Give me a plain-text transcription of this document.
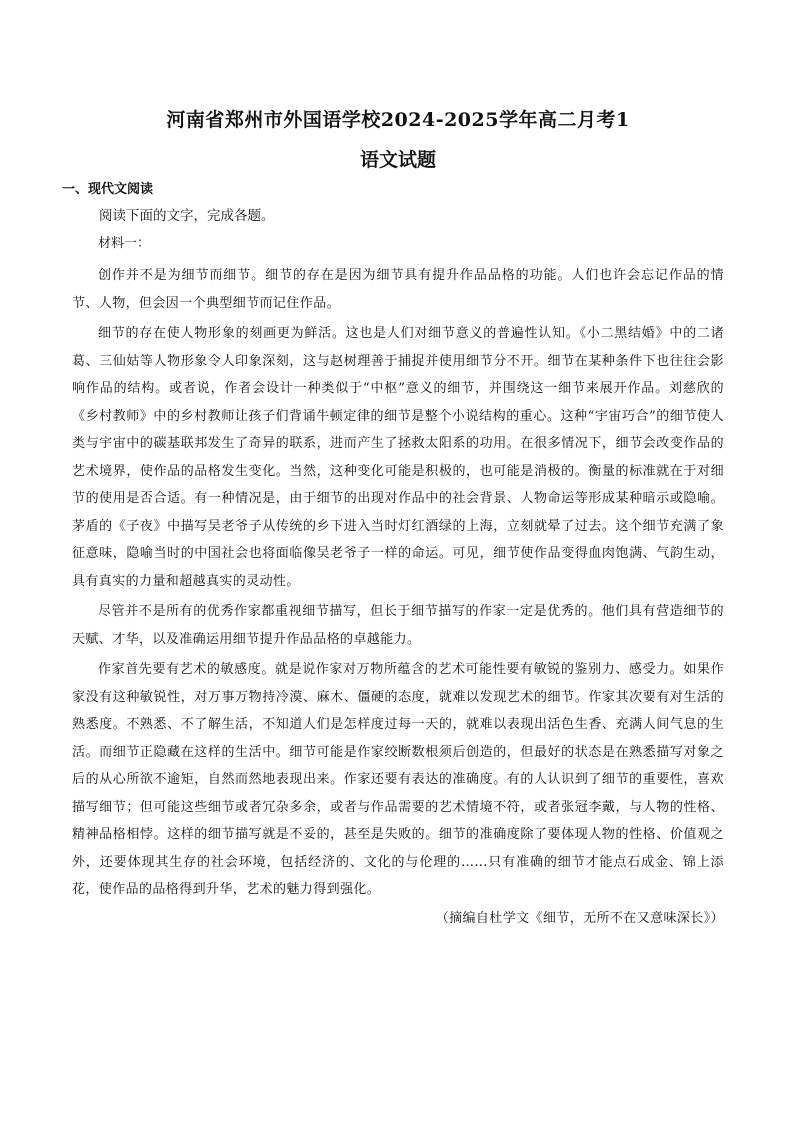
河南省郑州市外国语学校2024-2025学年高二月考1
语文试题
一、现代文阅读

阅读下面的文字，完成各题。

材料一：

创作并不是为细节而细节。细节的存在是因为细节具有提升作品品格的功能。人们也许会忘记作品的情节、人物，但会因一个典型细节而记住作品。

细节的存在使人物形象的刻画更为鲜活。这也是人们对细节意义的普遍性认知。《小二黑结婚》中的二诸葛、三仙姑等人物形象令人印象深刻，这与赵树理善于捕捉并使用细节分不开。细节在某种条件下也往往会影响作品的结构。或者说，作者会设计一种类似于“中枢”意义的细节，并围绕这一细节来展开作品。刘慈欣的《乡村教师》中的乡村教师让孩子们背诵牛顿定律的细节是整个小说结构的重心。这种“宇宙巧合”的细节使人类与宇宙中的碳基联邦发生了奇异的联系，进而产生了拯救太阳系的功用。在很多情况下，细节会改变作品的艺术境界，使作品的品格发生变化。当然，这种变化可能是积极的，也可能是消极的。衡量的标准就在于对细节的使用是否合适。有一种情况是，由于细节的出现对作品中的社会背景、人物命运等形成某种暗示或隐喻。茅盾的《子夜》中描写吴老爷子从传统的乡下进入当时灯红酒绿的上海，立刻就晕了过去。这个细节充满了象征意味，隐喻当时的中国社会也将面临像吴老爷子一样的命运。可见，细节使作品变得血肉饱满、气韵生动，具有真实的力量和超越真实的灵动性。

尽管并不是所有的优秀作家都重视细节描写，但长于细节描写的作家一定是优秀的。他们具有营造细节的天赋、才华，以及准确运用细节提升作品品格的卓越能力。

作家首先要有艺术的敏感度。就是说作家对万物所蕴含的艺术可能性要有敏锐的鉴别力、感受力。如果作家没有这种敏锐性，对万事万物持冷漠、麻木、僵硬的态度，就难以发现艺术的细节。作家其次要有对生活的熟悉度。不熟悉、不了解生活，不知道人们是怎样度过每一天的，就难以表现出活色生香、充满人间气息的生活。而细节正隐藏在这样的生活中。细节可能是作家绞断数根须后创造的，但最好的状态是在熟悉描写对象之后的从心所欲不逾矩，自然而然地表现出来。作家还要有表达的准确度。有的人认识到了细节的重要性，喜欢描写细节；但可能这些细节或者冗杂多余，或者与作品需要的艺术情境不符，或者张冠李戴，与人物的性格、精神品格相悖。这样的细节描写就是不妥的，甚至是失败的。细节的准确度除了要体现人物的性格、价值观之外，还要体现其生存的社会环境，包括经济的、文化的与伦理的……只有准确的细节才能点石成金、锦上添花，使作品的品格得到升华，艺术的魅力得到强化。

（摘编自杜学文《细节，无所不在又意味深长》）
